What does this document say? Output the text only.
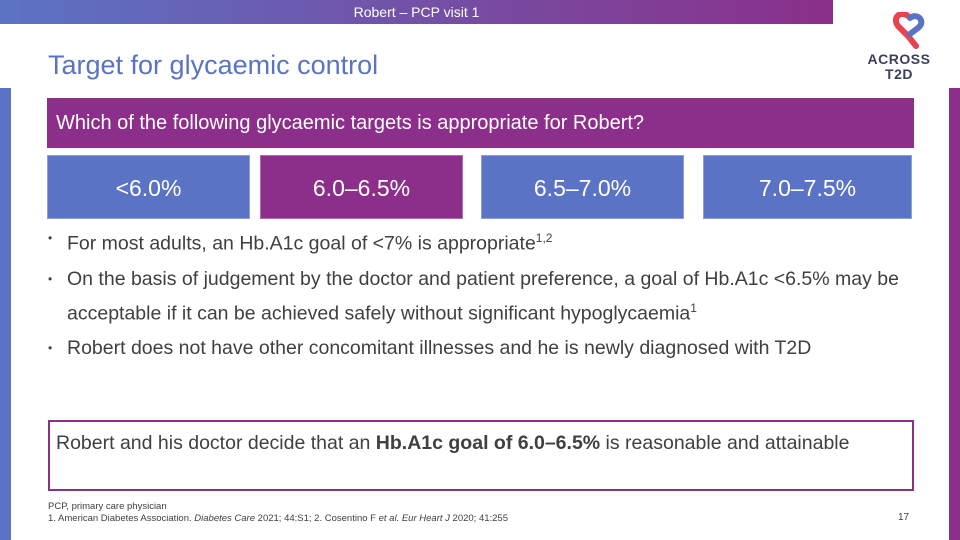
Robert – PCP visit 1
Target for glycaemic control	ACROSS
T2D
Which of the following glycaemic targets is appropriate for Robert?
<6.0%	6.0–6.5%	6.5–7.0%	7.0–7.5%
• For most adults, an Hb.A1c goal of <7% is appropriate$^{1,2}$
• On the basis of judgement by the doctor and patient preference, a goal of Hb.A1c <6.5% may be acceptable if it can be achieved safely without significant hypoglycaemia$^1$
• Robert does not have other concomitant illnesses and he is newly diagnosed with T2D
Robert and his doctor decide that an Hb.A1c goal of 6.0–6.5% is reasonable and attainable
PCP, primary care physician
1. American Diabetes Association. Diabetes Care 2021; 44:S1; 2. Cosentino F et al. Eur Heart J 2020; 41:255	17
